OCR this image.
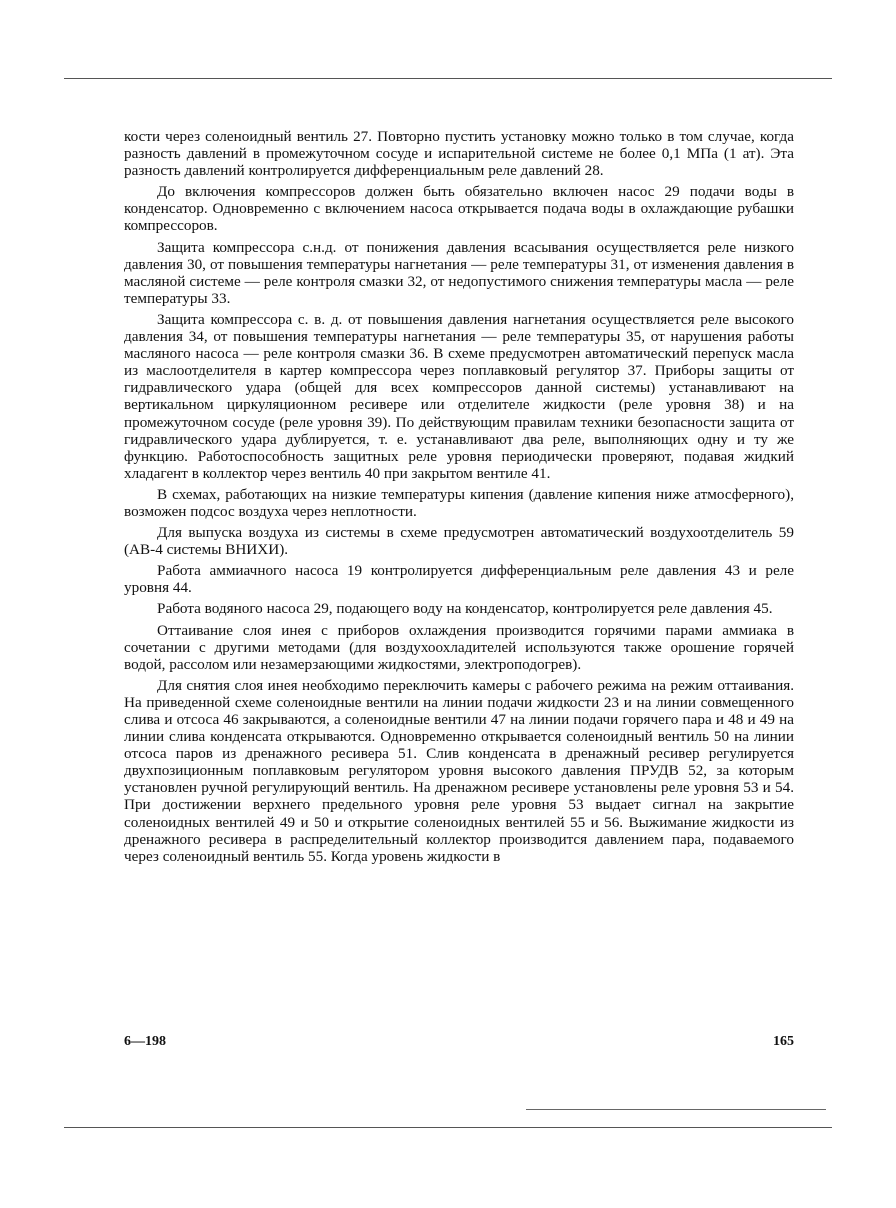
кости через соленоидный вентиль 27. Повторно пустить установку можно только в том случае, когда разность давлений в промежуточном сосуде и испарительной системе не более 0,1 МПа (1 ат). Эта разность давлений контролируется дифференциальным реле давлений 28.

До включения компрессоров должен быть обязательно включен насос 29 подачи воды в конденсатор. Одновременно с включением насоса открывается подача воды в охлаждающие рубашки компрессоров.

Защита компрессора с.н.д. от понижения давления всасывания осуществляется реле низкого давления 30, от повышения температуры нагнетания — реле температуры 31, от изменения давления в масляной системе — реле контроля смазки 32, от недопустимого снижения температуры масла — реле температуры 33.

Защита компрессора с. в. д. от повышения давления нагнетания осуществляется реле высокого давления 34, от повышения температуры нагнетания — реле температуры 35, от нарушения работы масляного насоса — реле контроля смазки 36. В схеме предусмотрен автоматический перепуск масла из маслоотделителя в картер компрессора через поплавковый регулятор 37. Приборы защиты от гидравлического удара (общей для всех компрессоров данной системы) устанавливают на вертикальном циркуляционном ресивере или отделителе жидкости (реле уровня 38) и на промежуточном сосуде (реле уровня 39). По действующим правилам техники безопасности защита от гидравлического удара дублируется, т. е. устанавливают два реле, выполняющих одну и ту же функцию. Работоспособность защитных реле уровня периодически проверяют, подавая жидкий хладагент в коллектор через вентиль 40 при закрытом вентиле 41.

В схемах, работающих на низкие температуры кипения (давление кипения ниже атмосферного), возможен подсос воздуха через неплотности.

Для выпуска воздуха из системы в схеме предусмотрен автоматический воздухоотделитель 59 (АВ-4 системы ВНИХИ).

Работа аммиачного насоса 19 контролируется дифференциальным реле давления 43 и реле уровня 44.

Работа водяного насоса 29, подающего воду на конденсатор, контролируется реле давления 45.

Оттаивание слоя инея с приборов охлаждения производится горячими парами аммиака в сочетании с другими методами (для воздухоохладителей используются также орошение горячей водой, рассолом или незамерзающими жидкостями, электроподогрев).

Для снятия слоя инея необходимо переключить камеры с рабочего режима на режим оттаивания. На приведенной схеме соленоидные вентили на линии подачи жидкости 23 и на линии совмещенного слива и отсоса 46 закрываются, а соленоидные вентили 47 на линии подачи горячего пара и 48 и 49 на линии слива конденсата открываются. Одновременно открывается соленоидный вентиль 50 на линии отсоса паров из дренажного ресивера 51. Слив конденсата в дренажный ресивер регулируется двухпозиционным поплавковым регулятором уровня высокого давления ПРУДВ 52, за которым установлен ручной регулирующий вентиль. На дренажном ресивере установлены реле уровня 53 и 54. При достижении верхнего предельного уровня реле уровня 53 выдает сигнал на закрытие соленоидных вентилей 49 и 50 и открытие соленоидных вентилей 55 и 56. Выжимание жидкости из дренажного ресивера в распределительный коллектор производится давлением пара, подаваемого через соленоидный вентиль 55. Когда уровень жидкости в

6—198	165
